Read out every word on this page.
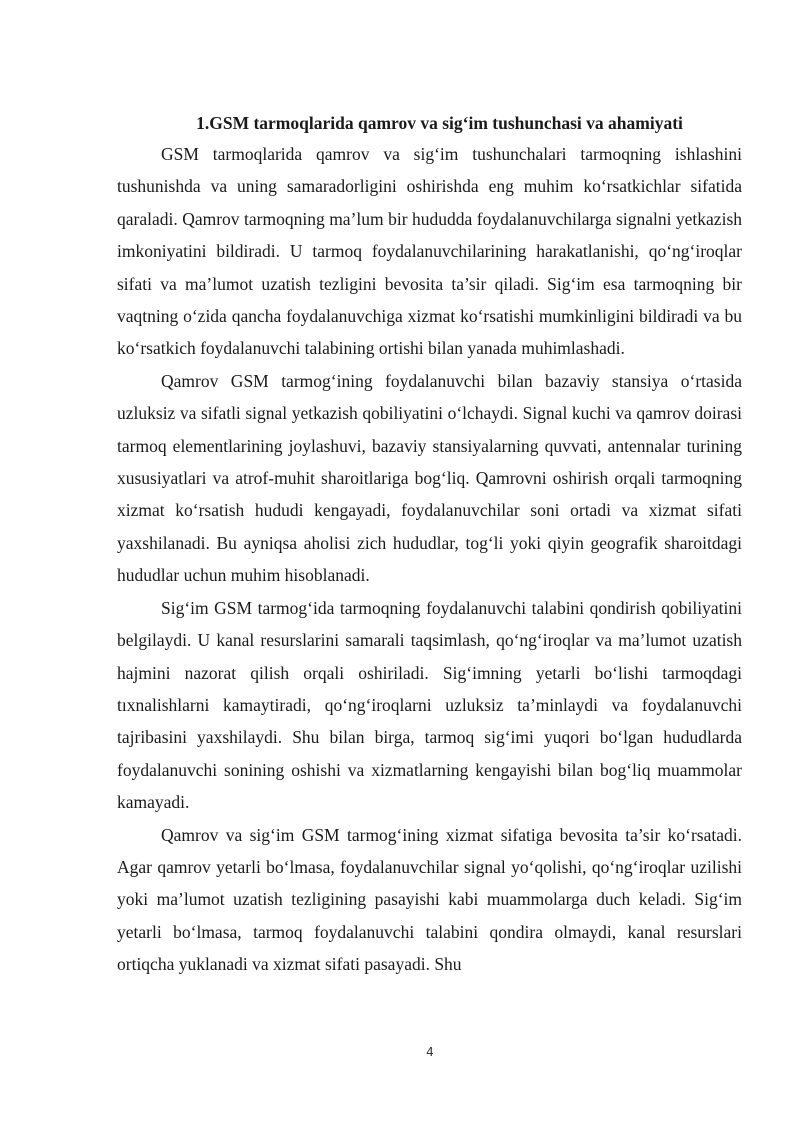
1.GSM tarmoqlarida qamrov va sig‘im tushunchasi va ahamiyati

GSM tarmoqlarida qamrov va sig‘im tushunchalari tarmoqning ishlashini tushunishda va uning samaradorligini oshirishda eng muhim ko‘rsatkichlar sifatida qaraladi. Qamrov tarmoqning ma’lum bir hududda foydalanuvchilarga signalni yetkazish imkoniyatini bildiradi. U tarmoq foydalanuvchilarining harakatlanishi, qo‘ng‘iroqlar sifati va ma’lumot uzatish tezligini bevosita ta’sir qiladi. Sig‘im esa tarmoqning bir vaqtning o‘zida qancha foydalanuvchiga xizmat ko‘rsatishi mumkinligini bildiradi va bu ko‘rsatkich foydalanuvchi talabining ortishi bilan yanada muhimlashadi.

Qamrov GSM tarmog‘ining foydalanuvchi bilan bazaviy stansiya o‘rtasida uzluksiz va sifatli signal yetkazish qobiliyatini o‘lchaydi. Signal kuchi va qamrov doirasi tarmoq elementlarining joylashuvi, bazaviy stansiyalarning quvvati, antennalar turining xususiyatlari va atrof-muhit sharoitlariga bog‘liq. Qamrovni oshirish orqali tarmoqning xizmat ko‘rsatish hududi kengayadi, foydalanuvchilar soni ortadi va xizmat sifati yaxshilanadi. Bu ayniqsa aholisi zich hududlar, tog‘li yoki qiyin geografik sharoitdagi hududlar uchun muhim hisoblanadi.

Sig‘im GSM tarmog‘ida tarmoqning foydalanuvchi talabini qondirish qobiliyatini belgilaydi. U kanal resurslarini samarali taqsimlash, qo‘ng‘iroqlar va ma’lumot uzatish hajmini nazorat qilish orqali oshiriladi. Sig‘imning yetarli bo‘lishi tarmoqdagi tıxnalishlarni kamaytiradi, qo‘ng‘iroqlarni uzluksiz ta’minlaydi va foydalanuvchi tajribasini yaxshilaydi. Shu bilan birga, tarmoq sig‘imi yuqori bo‘lgan hududlarda foydalanuvchi sonining oshishi va xizmatlarning kengayishi bilan bog‘liq muammolar kamayadi.

Qamrov va sig‘im GSM tarmog‘ining xizmat sifatiga bevosita ta’sir ko‘rsatadi. Agar qamrov yetarli bo‘lmasa, foydalanuvchilar signal yo‘qolishi, qo‘ng‘iroqlar uzilishi yoki ma’lumot uzatish tezligining pasayishi kabi muammolarga duch keladi. Sig‘im yetarli bo‘lmasa, tarmoq foydalanuvchi talabini qondira olmaydi, kanal resurslari ortiqcha yuklanadi va xizmat sifati pasayadi. Shu

4
